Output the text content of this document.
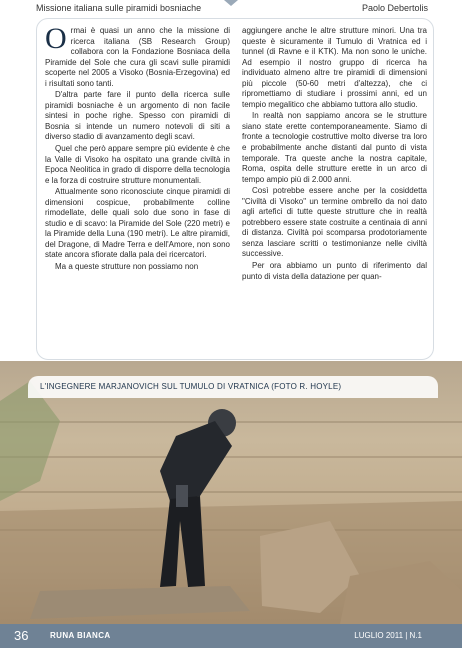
Missione italiana sulle piramidi bosniache	Paolo Debertolis

Ormai è quasi un anno che la missione di ricerca italiana (SB Research Group) collabora con la Fondazione Bosniaca della Piramide del Sole che cura gli scavi sulle piramidi scoperte nel 2005 a Visoko (Bosnia-Erzegovina) ed i risultati sono tanti.

D'altra parte fare il punto della ricerca sulle piramidi bosniache è un argomento di non facile sintesi in poche righe. Spesso con piramidi di Bosnia si intende un numero notevoli di siti a diverso stadio di avanzamento degli scavi.

Quel che però appare sempre più evidente è che la Valle di Visoko ha ospitato una grande civiltà in Epoca Neolitica in grado di disporre della tecnologia e la forza di costruire strutture monumentali.

Attualmente sono riconosciute cinque piramidi di dimensioni cospicue, probabilmente colline rimodellate, delle quali solo due sono in fase di studio e di scavo: la Piramide del Sole (220 metri) e la Piramide della Luna (190 metri). Le altre piramidi, del Dragone, di Madre Terra e dell'Amore, non sono state ancora sfiorate dalla pala dei ricercatori.

Ma a queste strutture non possiamo non

aggiungere anche le altre strutture minori. Una tra queste è sicuramente il Tumulo di Vratnica ed i tunnel (di Ravne e il KTK). Ma non sono le uniche. Ad esempio il nostro gruppo di ricerca ha individuato almeno altre tre piramidi di dimensioni più piccole (50-60 metri d'altezza), che ci ripromettiamo di studiare i prossimi anni, ed un tempio megalitico che abbiamo tuttora allo studio.

In realtà non sappiamo ancora se le strutture siano state erette contemporaneamente. Siamo di fronte a tecnologie costruttive molto diverse tra loro e probabilmente anche distanti dal punto di vista temporale. Tra queste anche la nostra capitale, Roma, ospita delle strutture erette in un arco di tempo ampio più di 2.000 anni.

Così potrebbe essere anche per la cosiddetta "Civiltà di Visoko" un termine ombrello da noi dato agli artefici di tutte queste strutture che in realtà potrebbero essere state costruite a centinaia di anni di distanza. Civiltà poi scomparsa prodotoriamente senza lasciare scritti o testimonianze nelle civiltà successive.

Per ora abbiamo un punto di riferimento dal punto di vista della datazione per quan-

L'INGEGNERE MARJANOVICH SUL TUMULO DI VRATNICA (FOTO R. HOYLE)
36	RUNA BIANCA	LUGLIO 2011 | N.1
